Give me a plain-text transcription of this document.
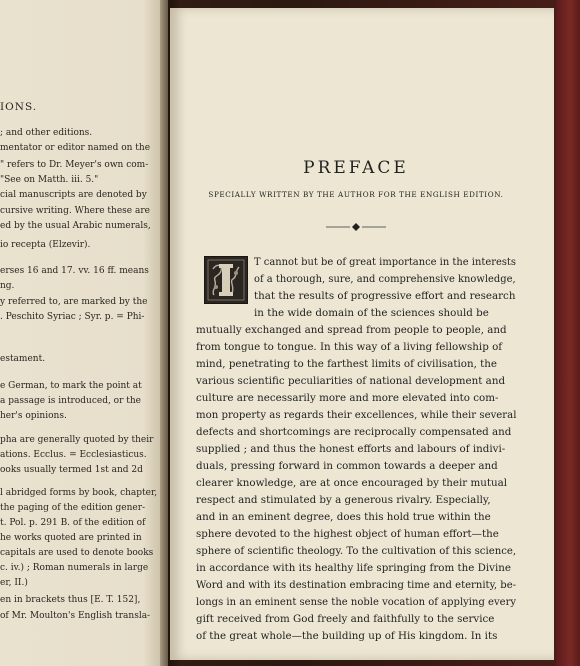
IONS.
; and other editions.
mentator or editor named on the
" refers to Dr. Meyer's own com-
"See on Matth. iii. 5."
cial manuscripts are denoted by
cursive writing. Where these are
ed by the usual Arabic numerals,
io recepta (Elzevir).
erses 16 and 17. vv. 16 ff. means
ng.
y referred to, are marked by the
. Peschito Syriac ; Syr. p. = Phi-
estament.
e German, to mark the point at
a passage is introduced, or the
her's opinions.
pha are generally quoted by their
ations. Ecclus. = Ecclesiasticus.
ooks usually termed 1st and 2d
l abridged forms by book, chapter,
the paging of the edition gener-
t. Pol. p. 291 B. of the edition of
he works quoted are printed in
capitals are used to denote books
c. iv.) ; Roman numerals in large
er, II.)
en in brackets thus [E. T. 152],
of Mr. Moulton's English transla-
PREFACE
SPECIALLY WRITTEN BY THE AUTHOR FOR THE ENGLISH EDITION.
T cannot but be of great importance in the interests
of a thorough, sure, and comprehensive knowledge,
that the results of progressive effort and research
in the wide domain of the sciences should be
mutually exchanged and spread from people to people, and
from tongue to tongue. In this way of a living fellowship of
mind, penetrating to the farthest limits of civilisation, the
various scientific peculiarities of national development and
culture are necessarily more and more elevated into com-
mon property as regards their excellences, while their several
defects and shortcomings are reciprocally compensated and
supplied ; and thus the honest efforts and labours of indivi-
duals, pressing forward in common towards a deeper and
clearer knowledge, are at once encouraged by their mutual
respect and stimulated by a generous rivalry. Especially,
and in an eminent degree, does this hold true within the
sphere devoted to the highest object of human effort—the
sphere of scientific theology. To the cultivation of this science,
in accordance with its healthy life springing from the Divine
Word and with its destination embracing time and eternity, be-
longs in an eminent sense the noble vocation of applying every
gift received from God freely and faithfully to the service
of the great whole—the building up of His kingdom. In its
